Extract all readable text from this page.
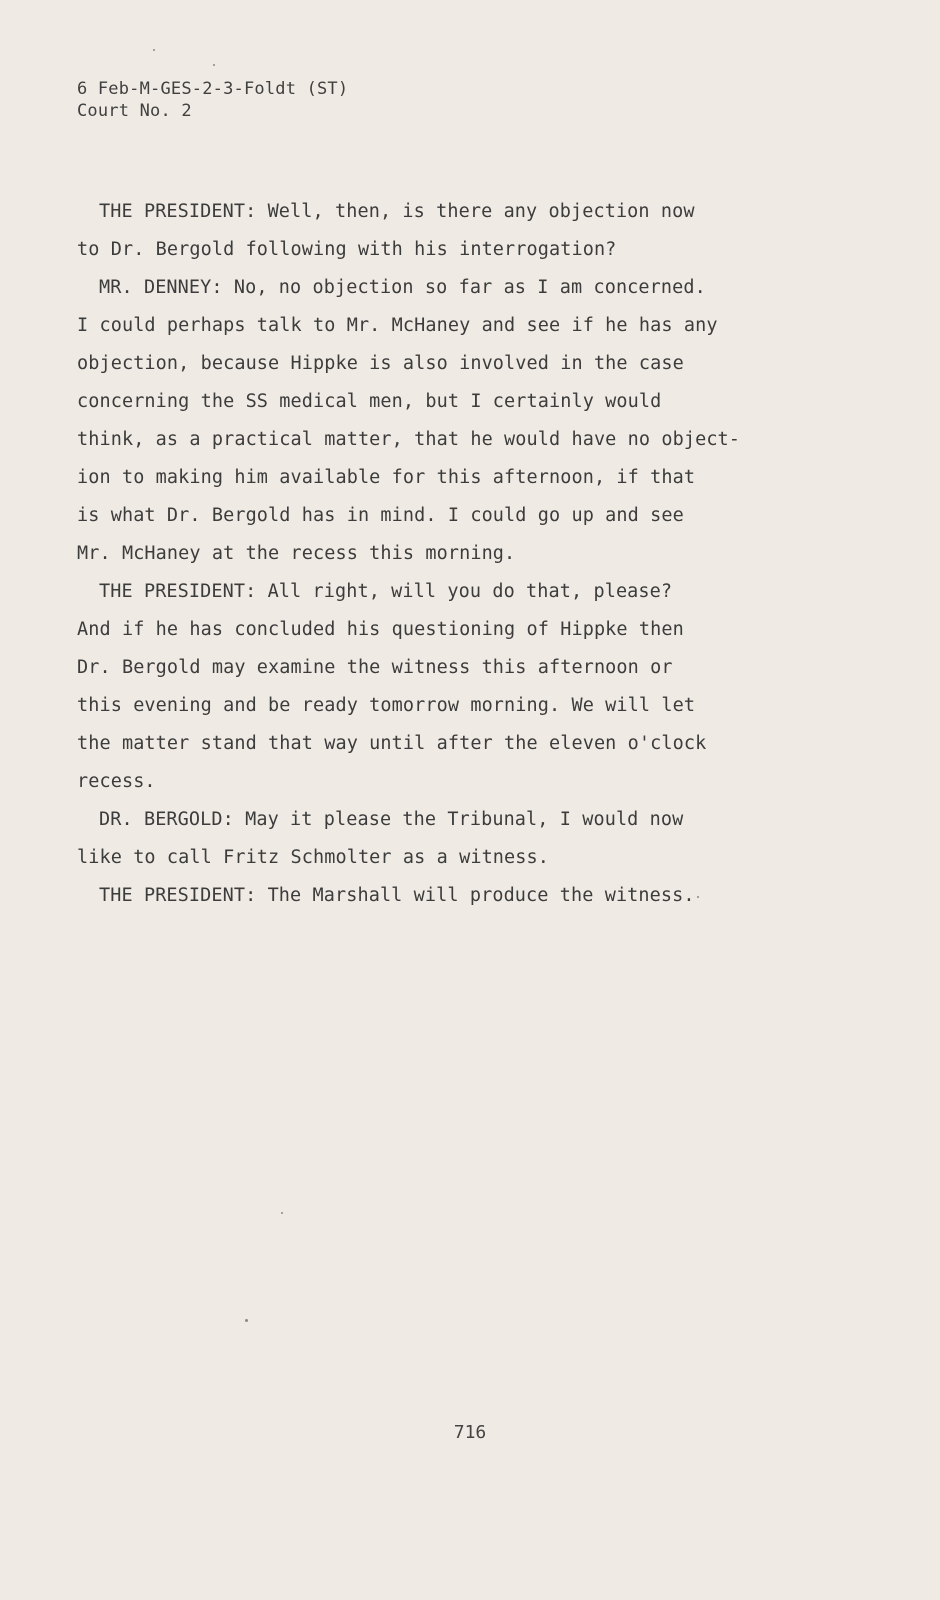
6 Feb-M-GES-2-3-Foldt (ST)
Court No. 2
THE PRESIDENT: Well, then, is there any objection now
to Dr. Bergold following with his interrogation?
MR. DENNEY: No, no objection so far as I am concerned.
I could perhaps talk to Mr. McHaney and see if he has any
objection, because Hippke is also involved in the case
concerning the SS medical men, but I certainly would
think, as a practical matter, that he would have no object-
ion to making him available for this afternoon, if that
is what Dr. Bergold has in mind. I could go up and see
Mr. McHaney at the recess this morning.
THE PRESIDENT: All right, will you do that, please?
And if he has concluded his questioning of Hippke then
Dr. Bergold may examine the witness this afternoon or
this evening and be ready tomorrow morning. We will let
the matter stand that way until after the eleven o'clock
recess.
DR. BERGOLD: May it please the Tribunal, I would now
like to call Fritz Schmolter as a witness.
THE PRESIDENT: The Marshall will produce the witness.
716
